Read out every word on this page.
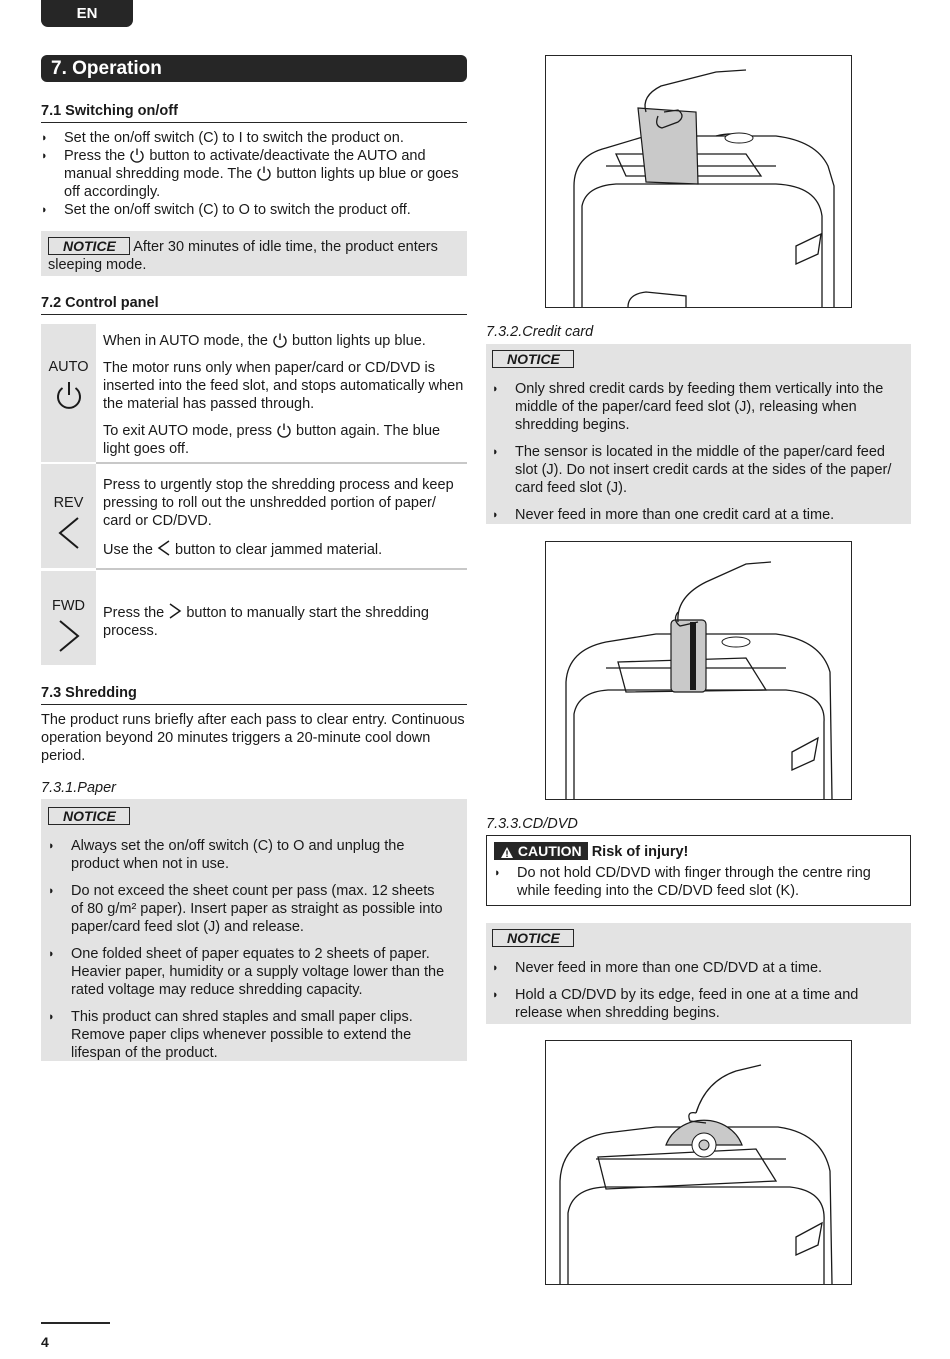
EN
7. Operation
7.1 Switching on/off
◗ Set the on/off switch (C) to I to switch the product on.
◗ Press the button to activate/deactivate the AUTO and manual shredding mode. The button lights up blue or goes off accordingly.
◗ Set the on/off switch (C) to O to switch the product off.
NOTICE After 30 minutes of idle time, the product enters sleeping mode.
7.2 Control panel
AUTO

When in AUTO mode, the button lights up blue.

The motor runs only when paper/card or CD/DVD is inserted into the feed slot, and stops automatically when the material has passed through.

To exit AUTO mode, press button again. The blue light goes off.

REV

Press to urgently stop the shredding process and keep pressing to roll out the unshredded portion of paper/ card or CD/DVD.

Use the button to clear jammed material.

FWD	Press the button to manually start the shredding process.

7.3 Shredding
The product runs briefly after each pass to clear entry. Continuous operation beyond 20 minutes triggers a 20-minute cool down period.
7.3.1.Paper
NOTICE
◗ Always set the on/off switch (C) to O and unplug the product when not in use.
◗ Do not exceed the sheet count per pass (max. 12 sheets of 80 g/m² paper). Insert paper as straight as possible into paper/card feed slot (J) and release.
◗ One folded sheet of paper equates to 2 sheets of paper. Heavier paper, humidity or a supply voltage lower than the rated voltage may reduce shredding capacity.
◗ This product can shred staples and small paper clips. Remove paper clips whenever possible to extend the lifespan of the product.
7.3.2.Credit card
NOTICE
◗ Only shred credit cards by feeding them vertically into the middle of the paper/card feed slot (J), releasing when shredding begins.
◗ The sensor is located in the middle of the paper/card feed slot (J). Do not insert credit cards at the sides of the paper/ card feed slot (J).
◗ Never feed in more than one credit card at a time.
7.3.3.CD/DVD
CAUTION Risk of injury!
◗ Do not hold CD/DVD with finger through the centre ring while feeding into the CD/DVD feed slot (K).
NOTICE
◗ Never feed in more than one CD/DVD at a time.
◗ Hold a CD/DVD by its edge, feed in one at a time and release when shredding begins.
4
